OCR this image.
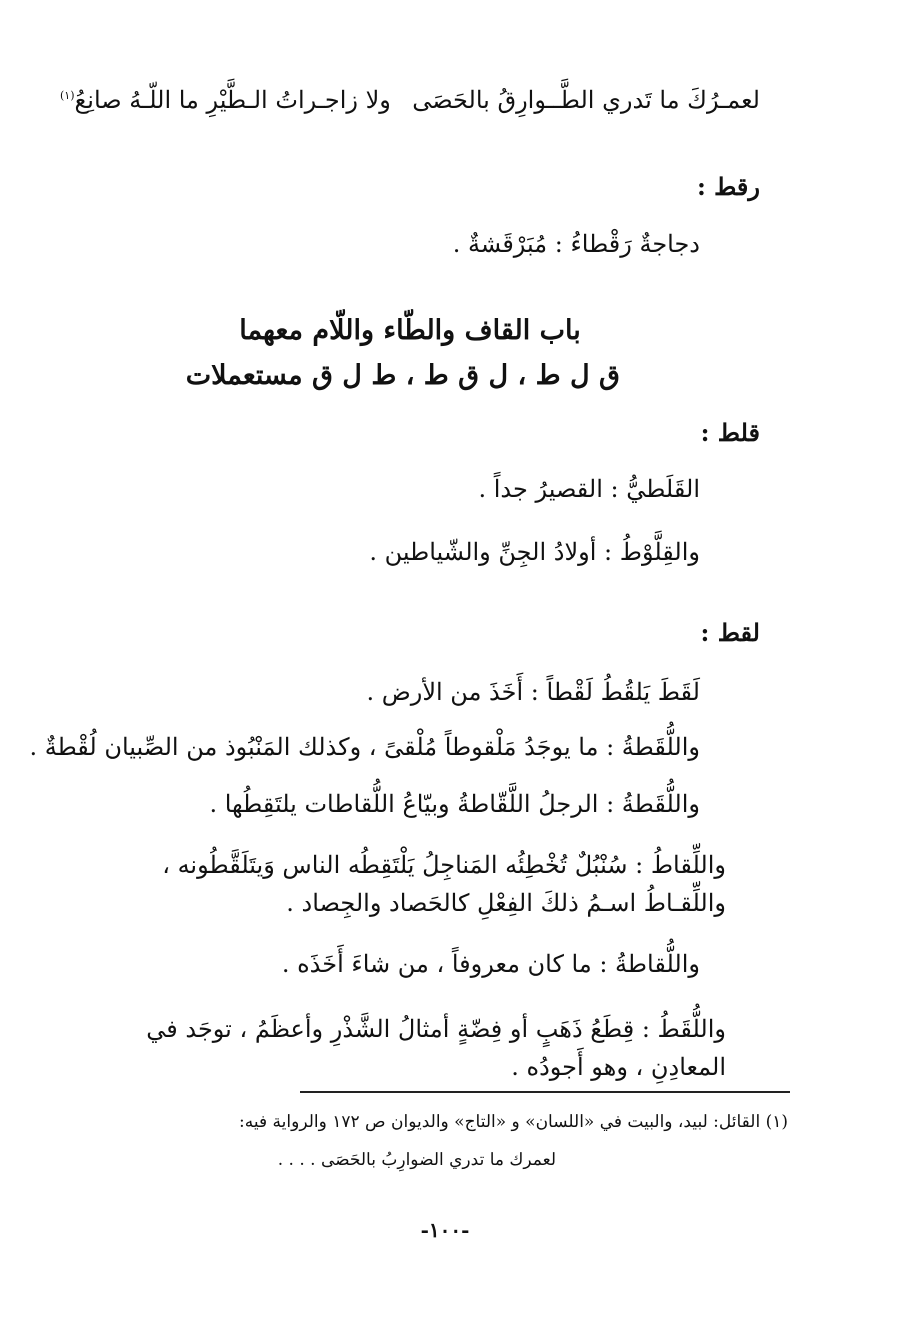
لعمـرُكَ ما تَدري الطَّــوارِقُ بالحَصَى
ولا زاجـراتُ الـطَّيْرِ ما اللّـهُ صانِعُ$^{(١)}$
رقط :
دجاجةٌ رَقْطاءُ : مُبَرْقَشةٌ .
باب القاف والطّاء واللّام معهما
ق ل ط ، ل ق ط ، ط ل ق مستعملات
قلط :
القَلَطيُّ : القصيرُ جداً .
والقِلَّوْطُ : أولادُ الجِنِّ والشّياطين .
لقط :
لَقَطَ يَلقُطُ لَقْطاً : أَخَذَ من الأرض .
واللُّقَطةُ : ما يوجَدُ مَلْقوطاً مُلْقىً ، وكذلك المَنْبُوذ من الصِّبيان لُقْطةٌ .
واللُّقَطةُ : الرجلُ اللَّقّاطةُ وبيّاعُ اللُّقاطات يلتَقِطُها .
واللِّقاطُ : سُنْبُلٌ تُخْطِئُه المَناجِلُ يَلْتَقِطُه الناس وَيتَلَقَّطُونه ، واللِّقـاطُ اسـمُ ذلكَ الفِعْلِ كالحَصاد والجِصاد .
واللُّقاطةُ : ما كان معروفاً ، من شاءَ أَخَذَه .
واللُّقَطُ : قِطَعُ ذَهَبٍ أو فِضّةٍ أمثالُ الشَّذْرِ وأعظَمُ ، توجَد في المعادِنِ ، وهو أَجودُه .
(١) القائل: لبيد، والبيت في «اللسان» و «التاج» والديوان ص ١٧٢ والرواية فيه:
لعمرك ما تدري الضوارِبُ بالحَصَى . . . .
-١٠٠-
